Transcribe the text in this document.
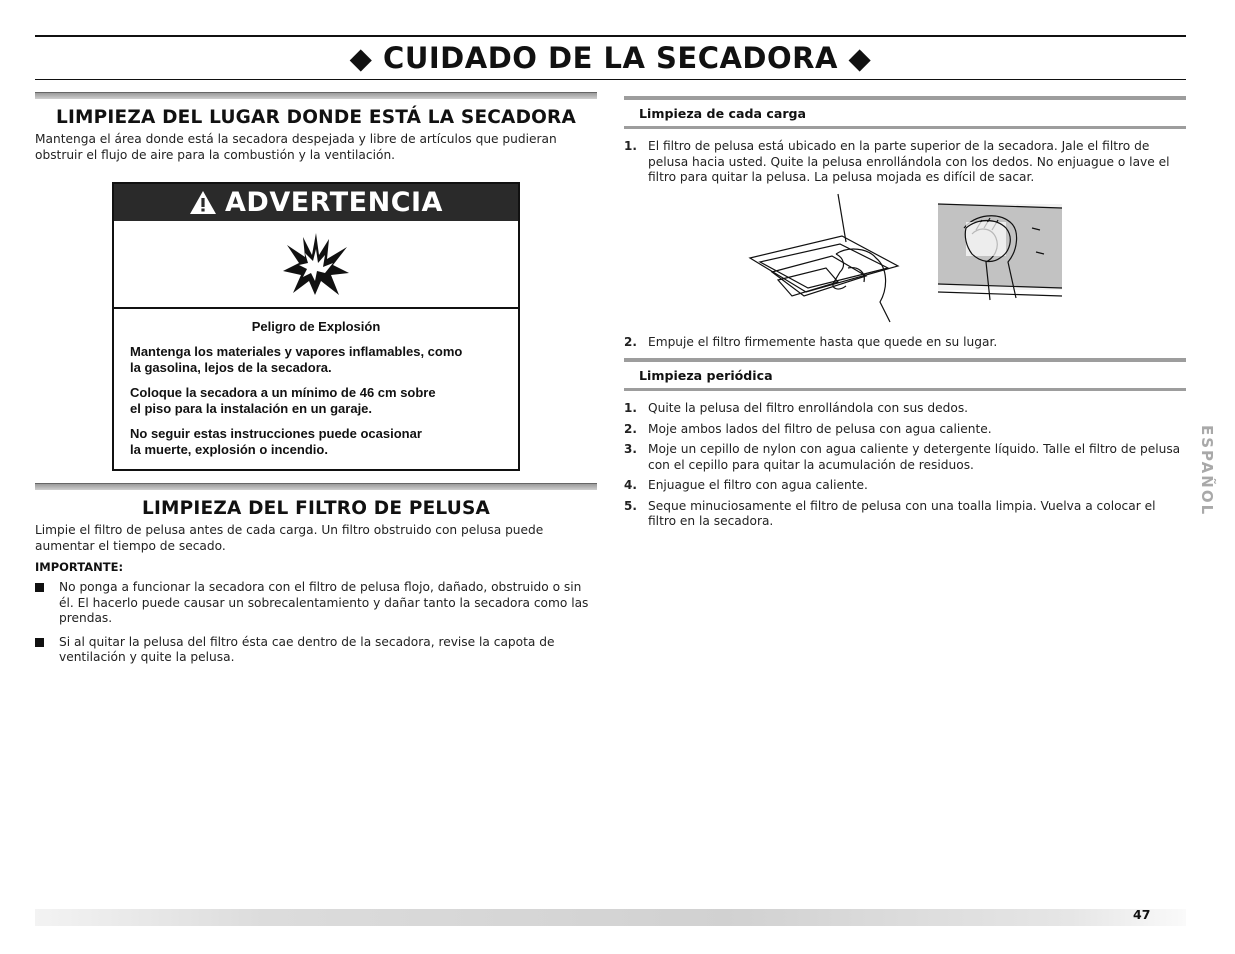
◆ CUIDADO DE LA SECADORA ◆
LIMPIEZA DEL LUGAR DONDE ESTÁ LA SECADORA
Mantenga el área donde está la secadora despejada y libre de artículos que pudieran obstruir el flujo de aire para la combustión y la ventilación.
ADVERTENCIA
Peligro de Explosión
Mantenga los materiales y vapores inflamables, como
la gasolina, lejos de la secadora.
Coloque la secadora a un mínimo de 46 cm sobre
el piso para la instalación en un garaje.
No seguir estas instrucciones puede ocasionar
la muerte, explosión o incendio.
LIMPIEZA DEL FILTRO DE PELUSA
Limpie el filtro de pelusa antes de cada carga. Un filtro obstruido con pelusa puede aumentar el tiempo de secado.
IMPORTANTE:
No ponga a funcionar la secadora con el filtro de pelusa flojo, dañado, obstruido o sin él. El hacerlo puede causar un sobrecalentamiento y dañar tanto la secadora como las prendas.
Si al quitar la pelusa del filtro ésta cae dentro de la secadora, revise la capota de ventilación y quite la pelusa.
Limpieza de cada carga
1. El filtro de pelusa está ubicado en la parte superior de la secadora. Jale el filtro de pelusa hacia usted. Quite la pelusa enrollándola con los dedos. No enjuague o lave el filtro para quitar la pelusa. La pelusa mojada es difícil de sacar.
2. Empuje el filtro firmemente hasta que quede en su lugar.
Limpieza periódica
1. Quite la pelusa del filtro enrollándola con sus dedos.
2. Moje ambos lados del filtro de pelusa con agua caliente.
3. Moje un cepillo de nylon con agua caliente y detergente líquido. Talle el filtro de pelusa con el cepillo para quitar la acumulación de residuos.
4. Enjuague el filtro con agua caliente.
5. Seque minuciosamente el filtro de pelusa con una toalla limpia. Vuelva a colocar el filtro en la secadora.
ESPAÑOL
47
